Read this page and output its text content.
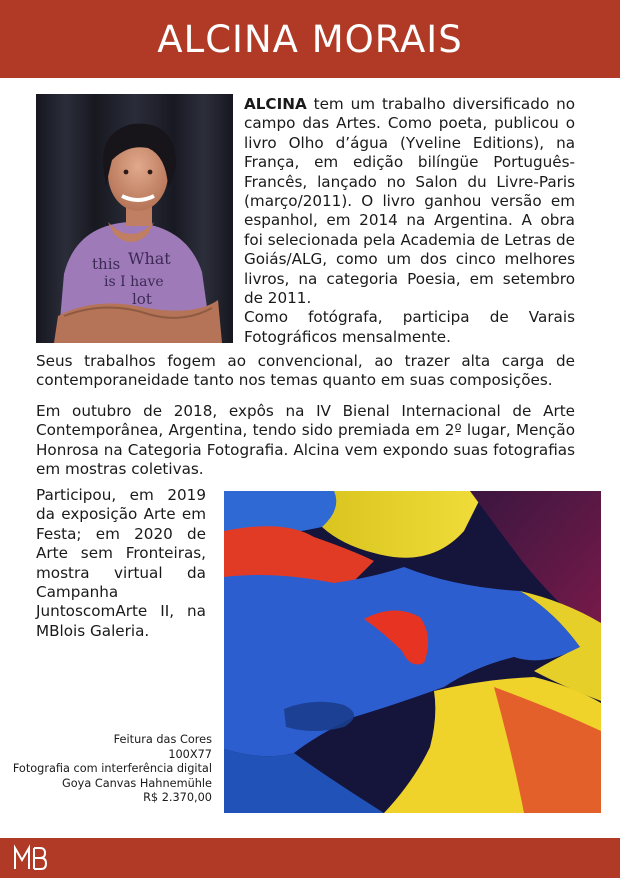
ALCINA MORAIS
this What
is I have
lot
ALCINA tem um trabalho diversificado no campo das Artes. Como poeta, publicou o livro Olho d’água (Yveline Editions), na França, em edição bilíngüe Português-Francês, lançado no Salon du Livre-Paris (março/2011). O livro ganhou versão em espanhol, em 2014 na Argentina. A obra foi selecionada pela Academia de Letras de Goiás/ALG, como um dos cinco melhores livros, na categoria Poesia, em setembro de 2011.
Como fotógrafa, participa de Varais Fotográficos mensalmente.

Seus trabalhos fogem ao convencional, ao trazer alta carga de contemporaneidade tanto nos temas quanto em suas composições.

Em outubro de 2018, expôs na IV Bienal Internacional de Arte Contemporânea, Argentina, tendo sido premiada em 2º lugar, Menção Honrosa na Categoria Fotografia. Alcina vem expondo suas fotografias em mostras coletivas.

Participou, em 2019 da exposição Arte em Festa; em 2020 de Arte sem Fronteiras, mostra virtual da Campanha JuntoscomArte II, na MBlois Galeria.

Feitura das Cores
100X77
Fotografia com interferência digital
Goya Canvas Hahnemühle
R$ 2.370,00
